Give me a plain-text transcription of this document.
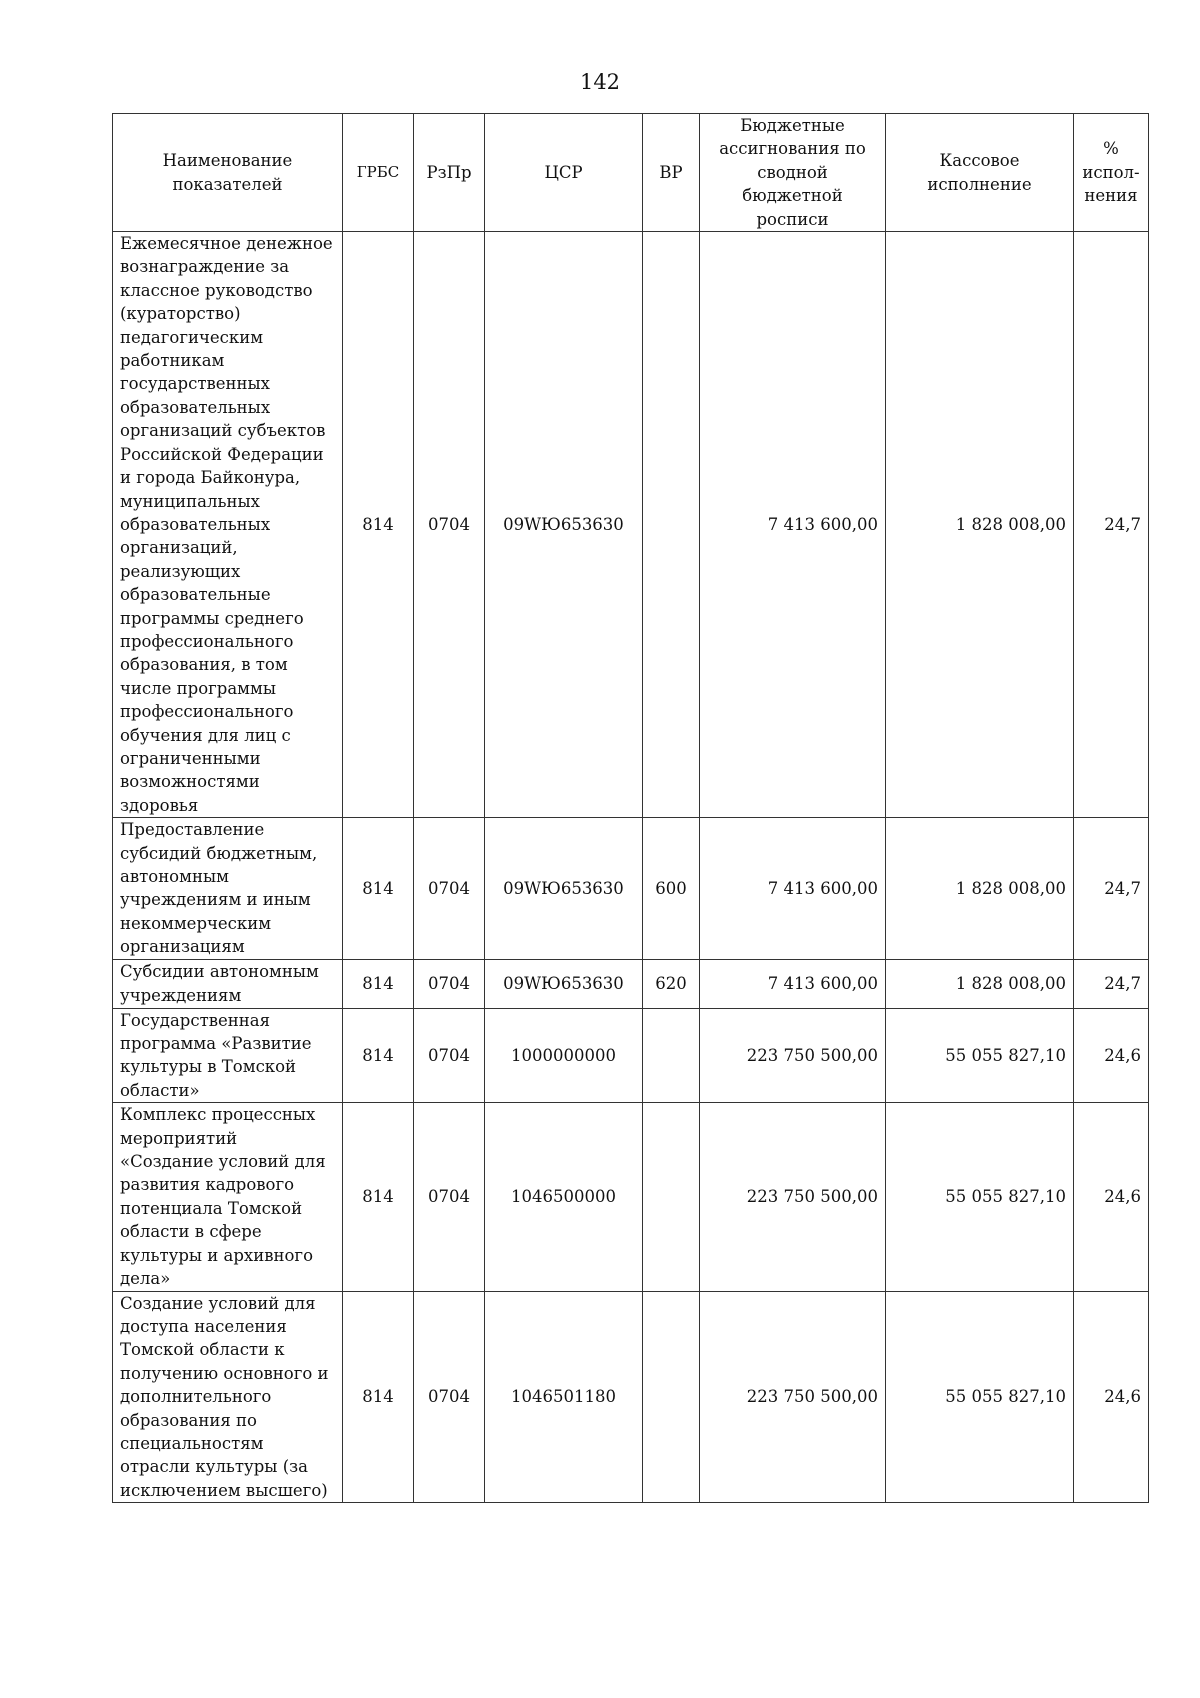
142
Наименование показателей	ГРБС	РзПр	ЦСР	ВР	Бюджетные ассигнования по сводной бюджетной росписи	Кассовое исполнение	% испол-нения
Ежемесячное денежное вознаграждение за классное руководство (кураторство) педагогическим работникам государственных образовательных организаций субъектов Российской Федерации и города Байконура, муниципальных образовательных организаций, реализующих образовательные программы среднего профессионального образования, в том числе программы профессионального обучения для лиц с ограниченными возможностями здоровья	814	0704	09WЮ653630		7 413 600,00	1 828 008,00	24,7
Предоставление субсидий бюджетным, автономным учреждениям и иным некоммерческим организациям	814	0704	09WЮ653630	600	7 413 600,00	1 828 008,00	24,7
Субсидии автономным учреждениям	814	0704	09WЮ653630	620	7 413 600,00	1 828 008,00	24,7
Государственная программа «Развитие культуры в Томской области»	814	0704	1000000000		223 750 500,00	55 055 827,10	24,6
Комплекс процессных мероприятий «Создание условий для развития кадрового потенциала Томской области в сфере культуры и архивного дела»	814	0704	1046500000		223 750 500,00	55 055 827,10	24,6
Создание условий для доступа населения Томской области к получению основного и дополнительного образования по специальностям отрасли культуры (за исключением высшего)	814	0704	1046501180		223 750 500,00	55 055 827,10	24,6
